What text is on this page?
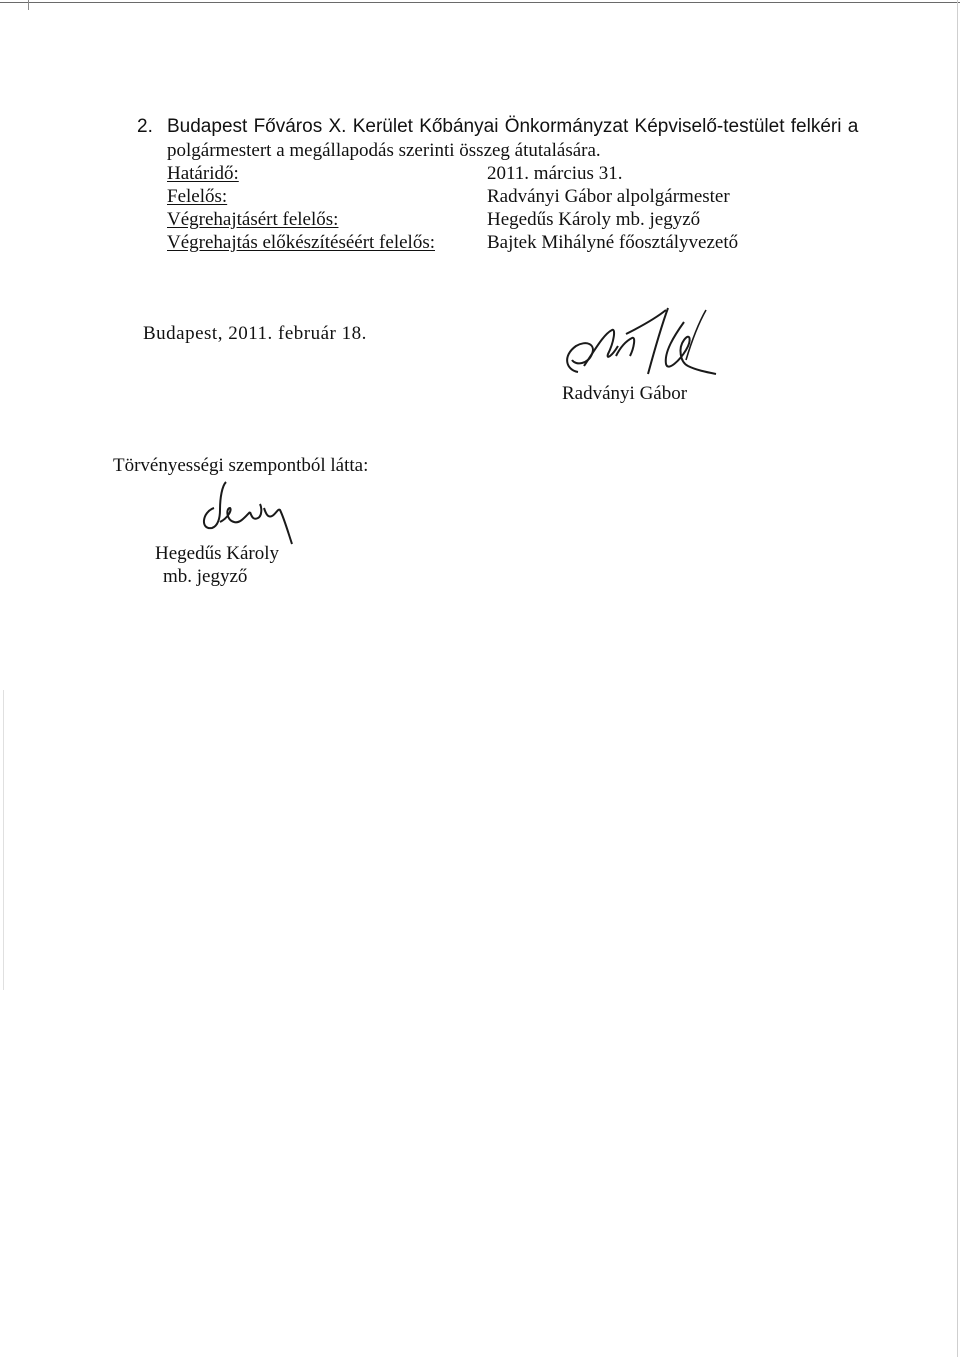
2. Budapest Főváros X. Kerület Kőbányai Önkormányzat Képviselő-testület felkéri a
polgármestert a megállapodás szerinti összeg átutalására.
Határidő:	2011. március 31.
Felelős:	Radványi Gábor alpolgármester
Végrehajtásért felelős:	Hegedűs Károly mb. jegyző
Végrehajtás előkészítéséért felelős:	Bajtek Mihályné főosztályvezető
Budapest, 2011. február 18.
Radványi Gábor
Törvényességi szempontból látta:
Hegedűs Károly
mb. jegyző
